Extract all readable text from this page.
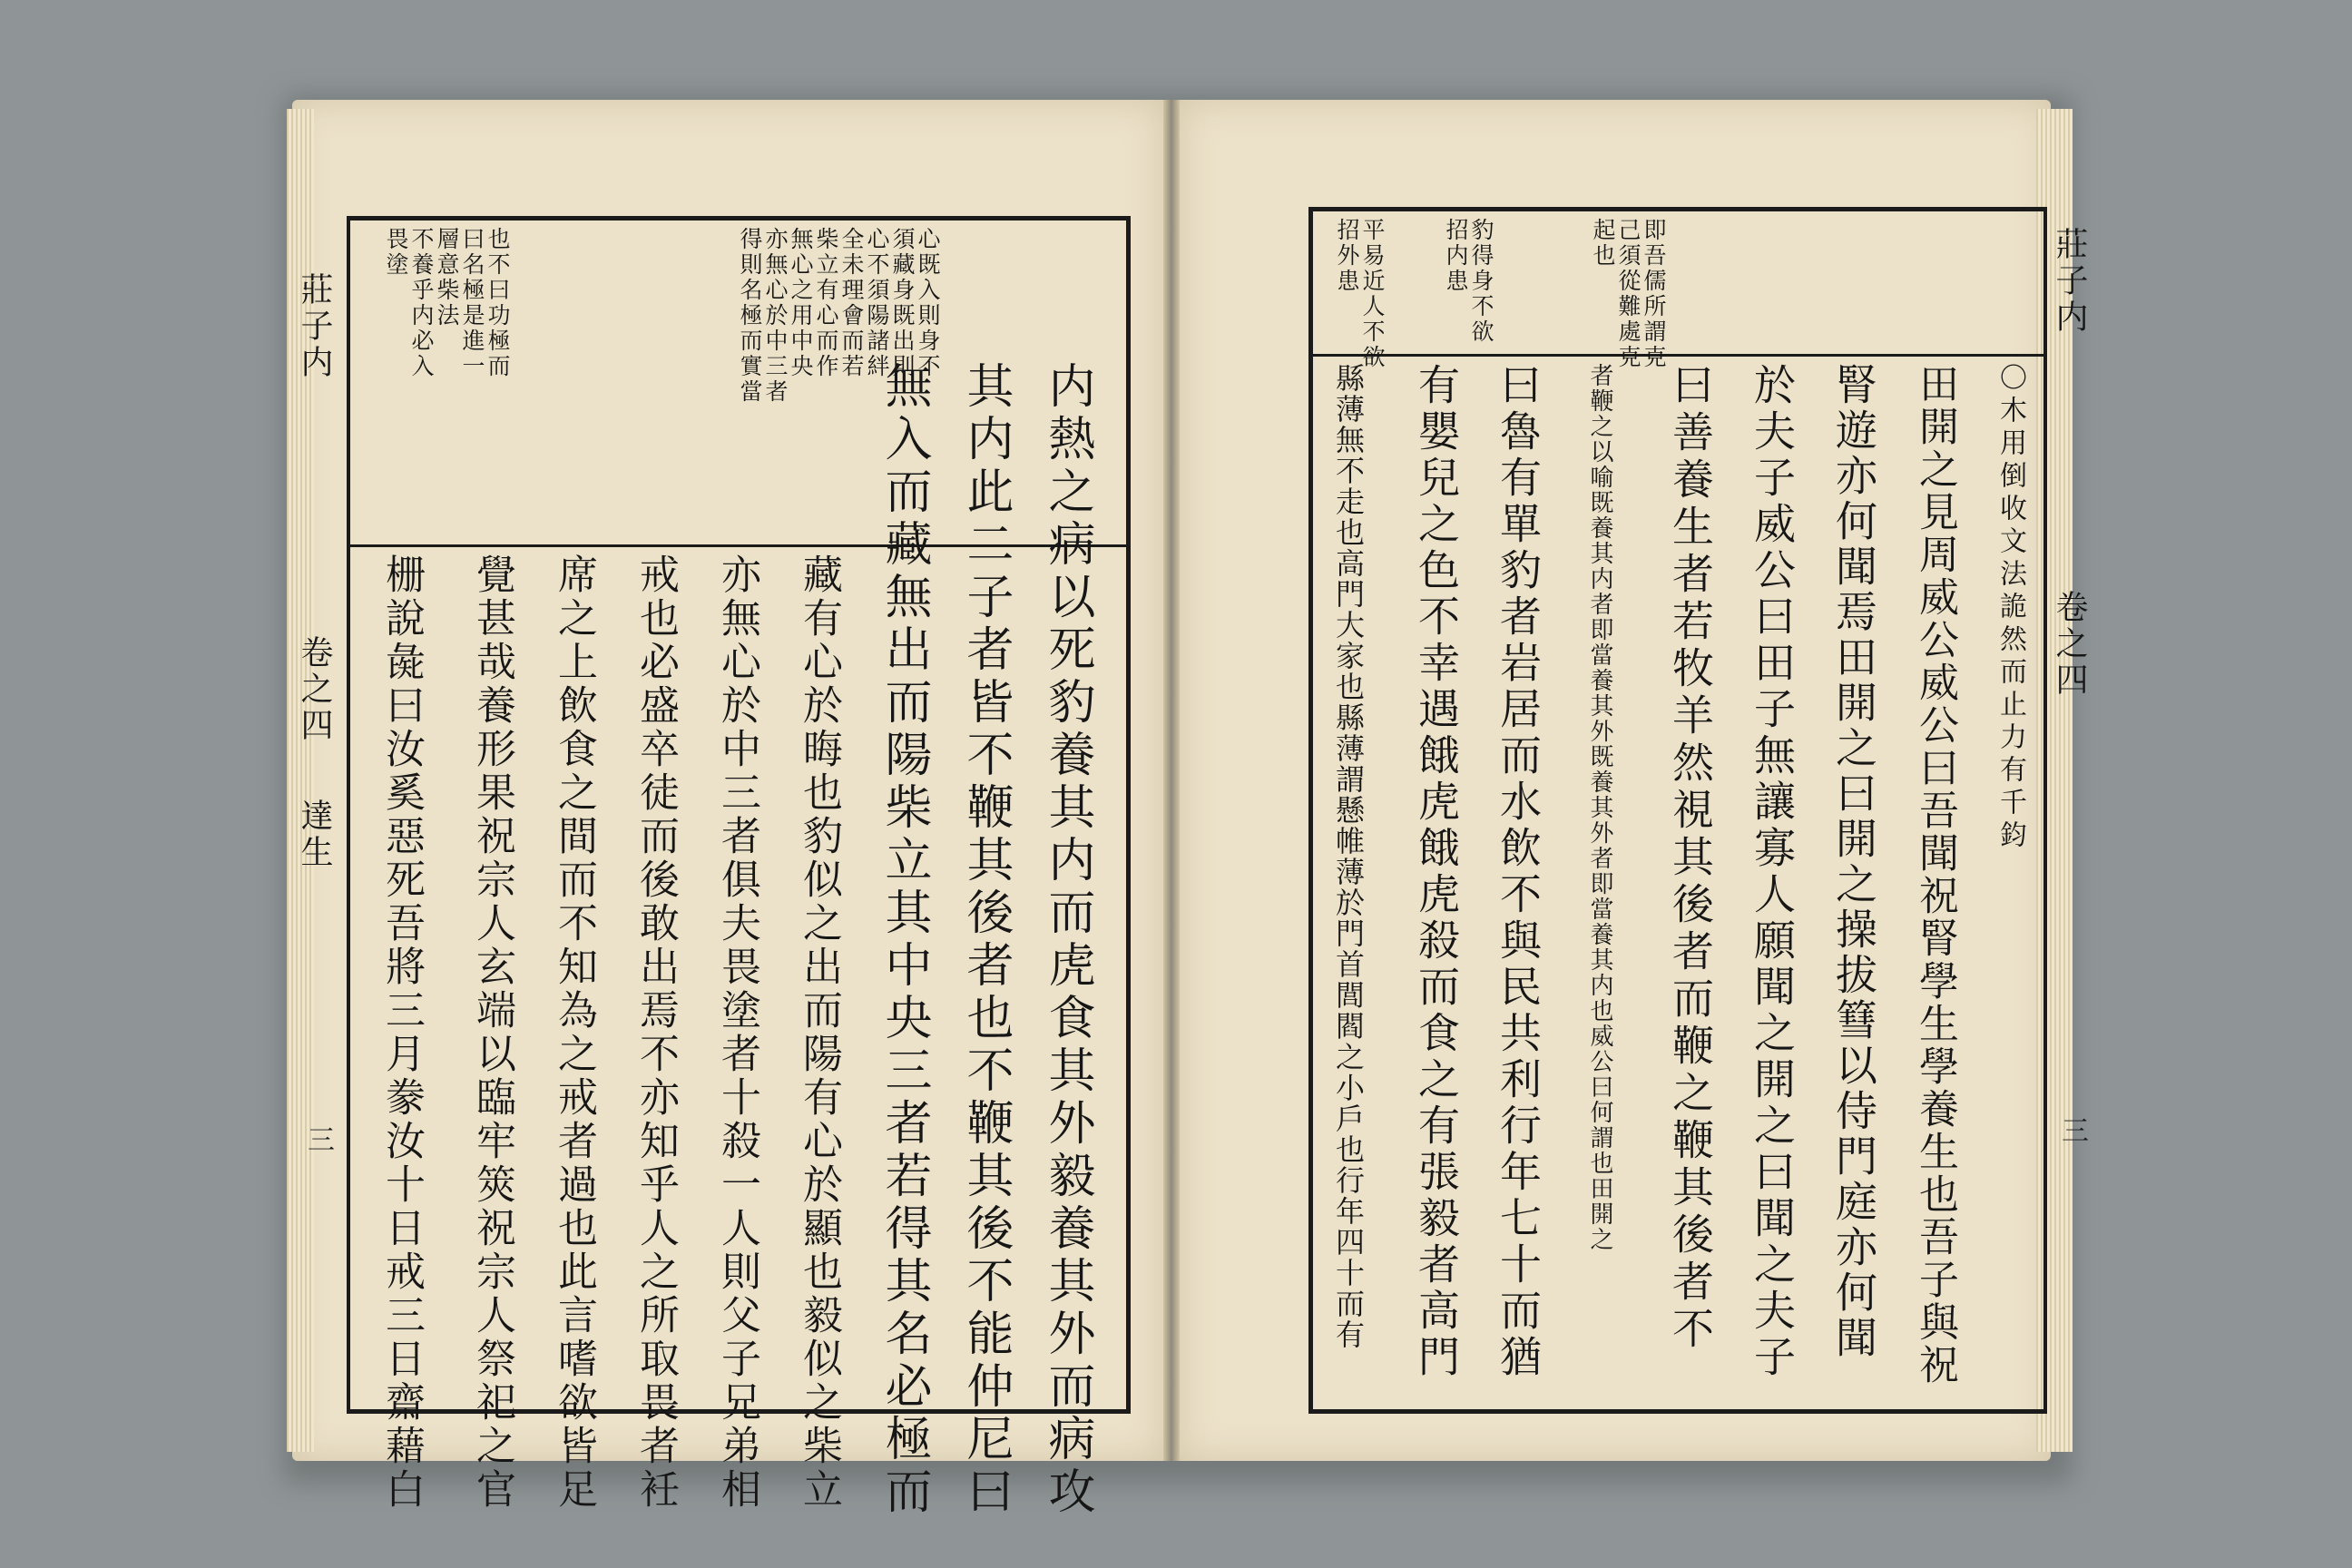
莊子内
卷之四
達生
三
心既入則身不
須藏身既出則
心不須陽諸絆
全未理會而若
柴立有心而作
無心之用中央
亦無心於中三者
得則名極而實當
也不曰功極而
曰名極是進一
層意柴法
不養乎内必入
畏塗
内熱之病以死豹養其内而虎食其外毅養其外而病攻
其内此二子者皆不鞭其後者也不鞭其後不能仲尼曰
無入而藏無出而陽柴立其中央三者若得其名必極而
藏有心於晦也豹似之出而陽有心於顯也毅似之柴立
亦無心於中三者俱夫畏塗者十殺一人則父子兄弟相
戒也必盛卒徒而後敢出焉不亦知乎人之所取畏者衽
席之上飲食之間而不知為之戒者過也此言嗜欲皆足
覺甚哉養形果祝宗人玄端以臨牢筴祝宗人祭祀之官
栅說彘曰汝奚惡死吾將三月豢汝十日戒三日齋藉白
莊子内
卷之四
三
即吾儒所謂克
己須從難處克
起也
豹得身不欲
招内患
平易近人不欲
招外患
〇木用倒收文法詭然而止力有千鈞
田開之見周威公威公曰吾聞祝腎學生學養生也吾子與祝
腎遊亦何聞焉田開之曰開之操拔篲以侍門庭亦何聞
於夫子威公曰田子無讓寡人願聞之開之曰聞之夫子
曰善養生者若牧羊然視其後者而鞭之鞭其後者不
者鞭之以喻既養其内者即當養其外既養其外者即當養其内也威公曰何謂也田開之
曰魯有單豹者岩居而水飲不與民共利行年七十而猶
有嬰兒之色不幸遇餓虎餓虎殺而食之有張毅者高門
縣薄無不走也高門大家也縣薄謂懸帷薄於門首閭閻之小戶也行年四十而有
